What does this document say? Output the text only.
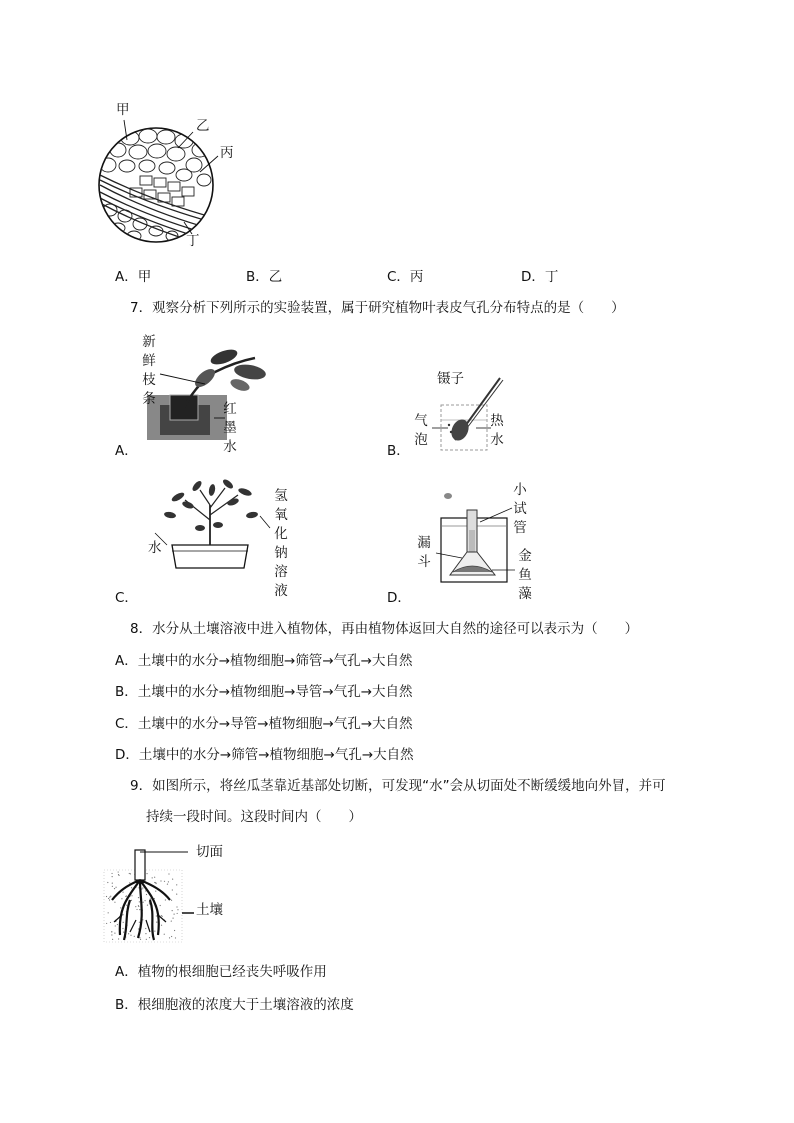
甲
乙
丙
丁
A．甲	B．乙	C．丙	D．丁
7．观察分析下列所示的实验装置，属于研究植物叶表皮气孔分布特点的是（　　）
新鲜枝条
红墨水
A．
镊子
气泡
热水
B．
水
氢氧化钠溶液
C．
小试管
漏斗	金鱼藻
D．
8．水分从土壤溶液中进入植物体，再由植物体返回大自然的途径可以表示为（　　）
A．土壤中的水分→植物细胞→筛管→气孔→大自然
B．土壤中的水分→植物细胞→导管→气孔→大自然
C．土壤中的水分→导管→植物细胞→气孔→大自然
D．土壤中的水分→筛管→植物细胞→气孔→大自然
9．如图所示，将丝瓜茎靠近基部处切断，可发现“水”会从切面处不断缓缓地向外冒，并可
持续一段时间。这段时间内（　　）
切面
土壤
A．植物的根细胞已经丧失呼吸作用
B．根细胞液的浓度大于土壤溶液的浓度
